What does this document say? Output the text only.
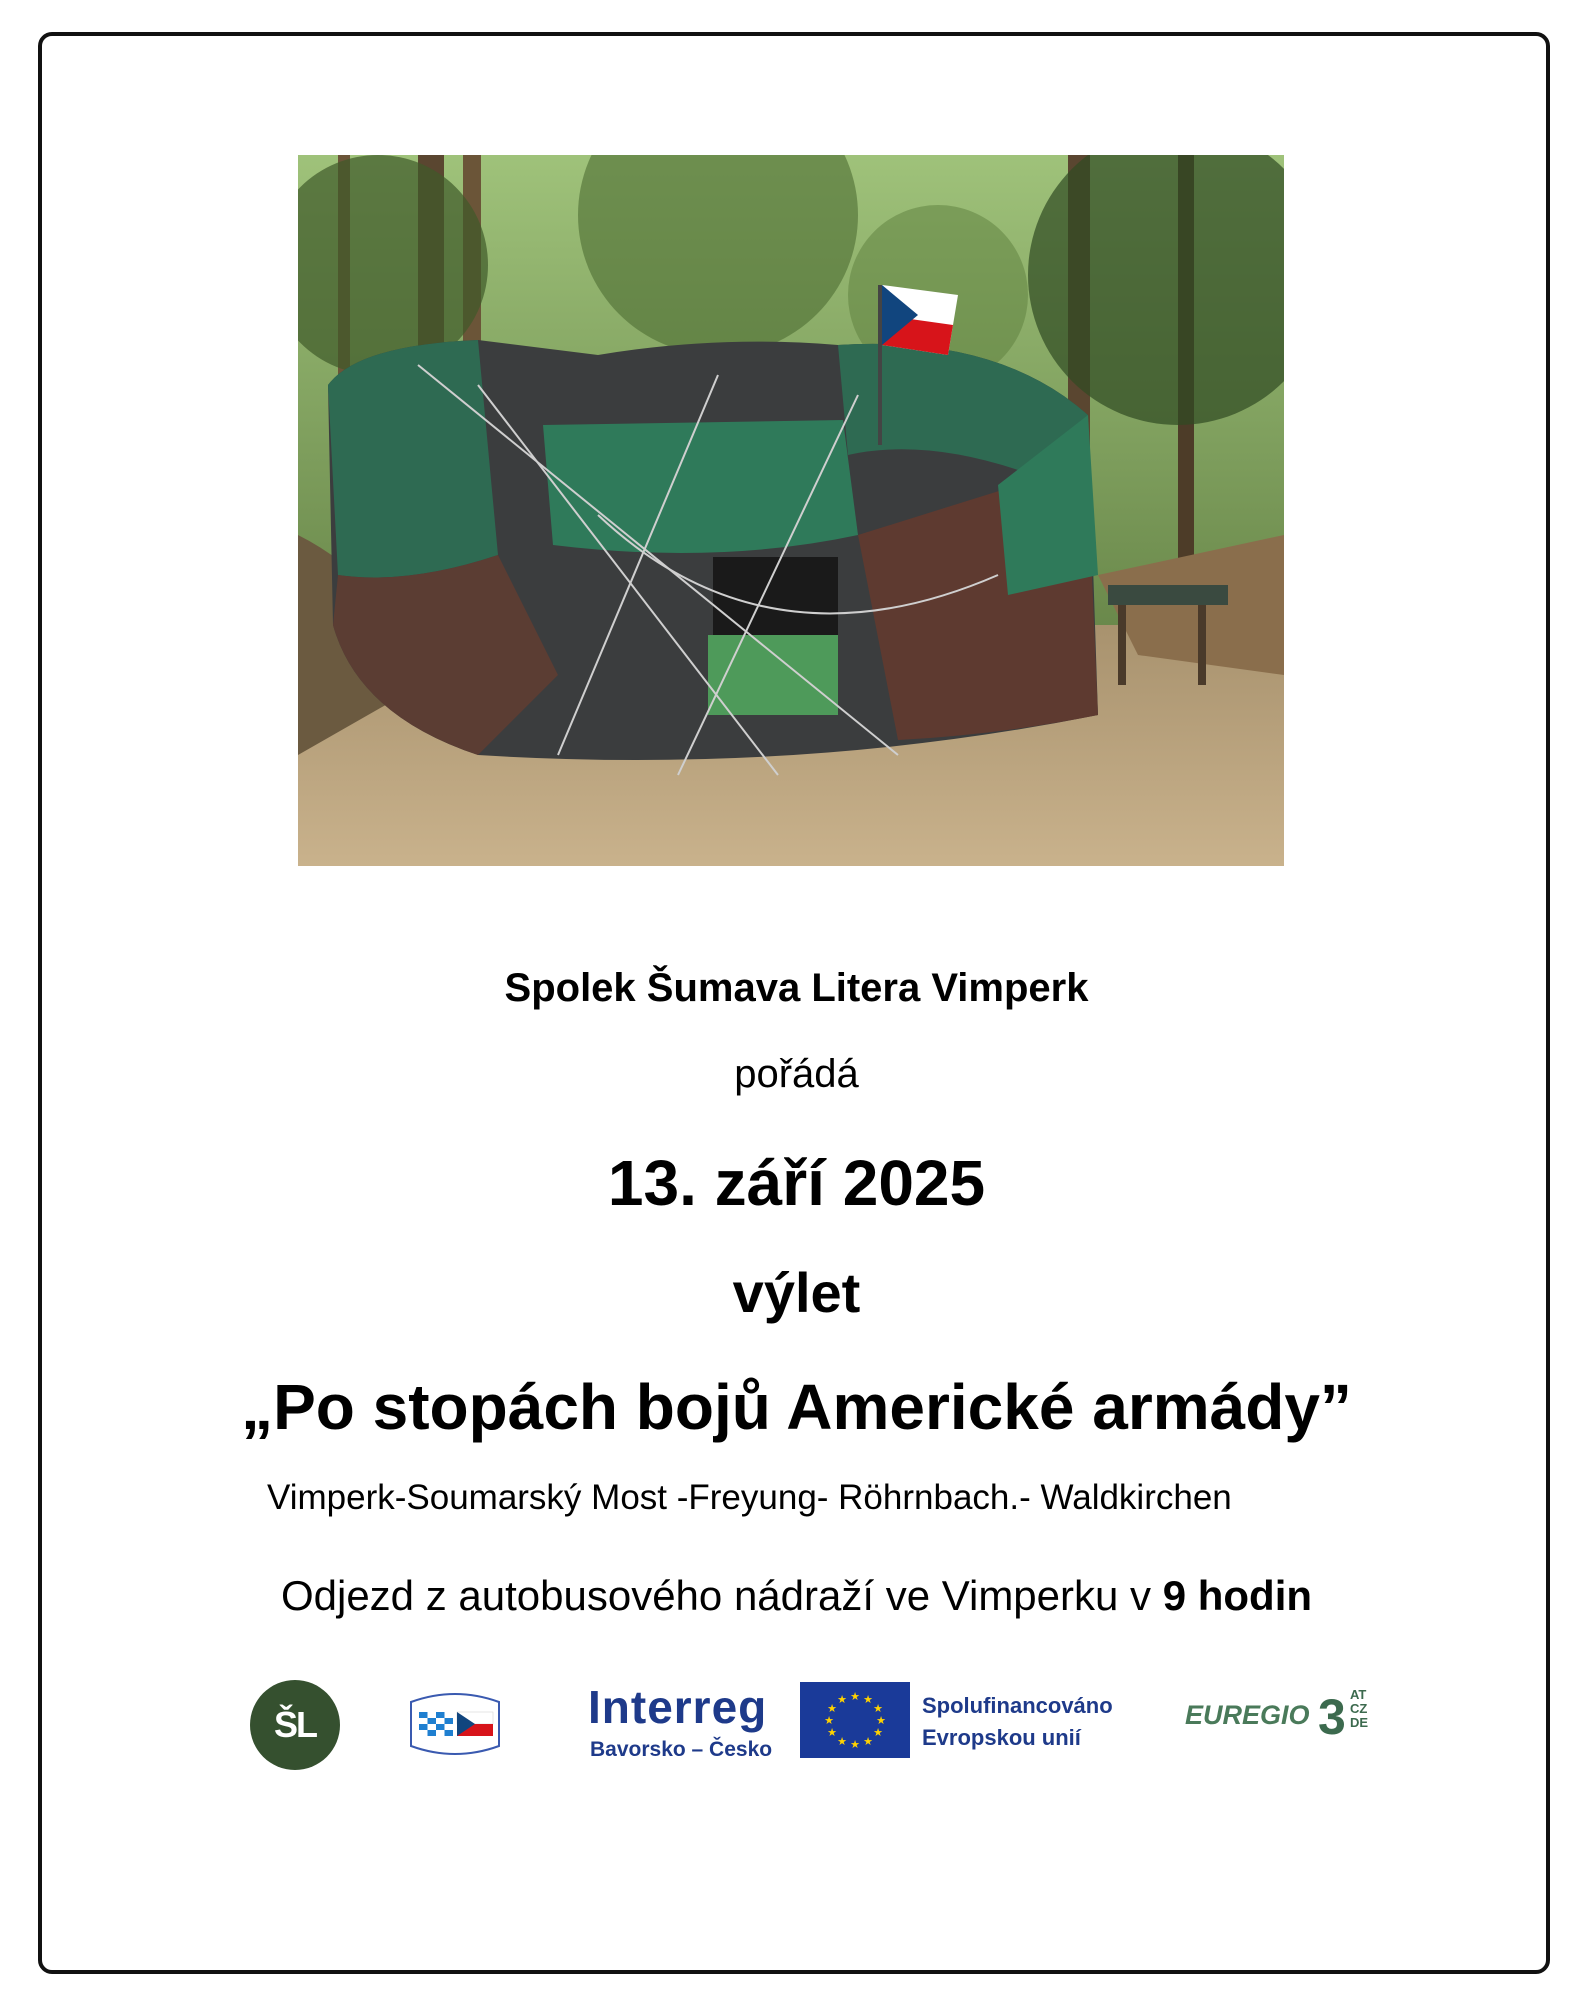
Spolek Šumava Litera Vimperk
pořádá
13. září 2025
výlet
„Po stopách bojů Americké armády”
Vimperk-Soumarský Most -Freyung- Röhrnbach.- Waldkirchen
Odjezd z autobusového nádraží ve Vimperku v 9 hodin
ŠL	Interreg
Bavorsko – Česko
★ ★
★
★
★
★
★
★
★
★
★
★	Spolufinancováno
Evropskou unií
EUREGIO 3 AT
CZ
DE
